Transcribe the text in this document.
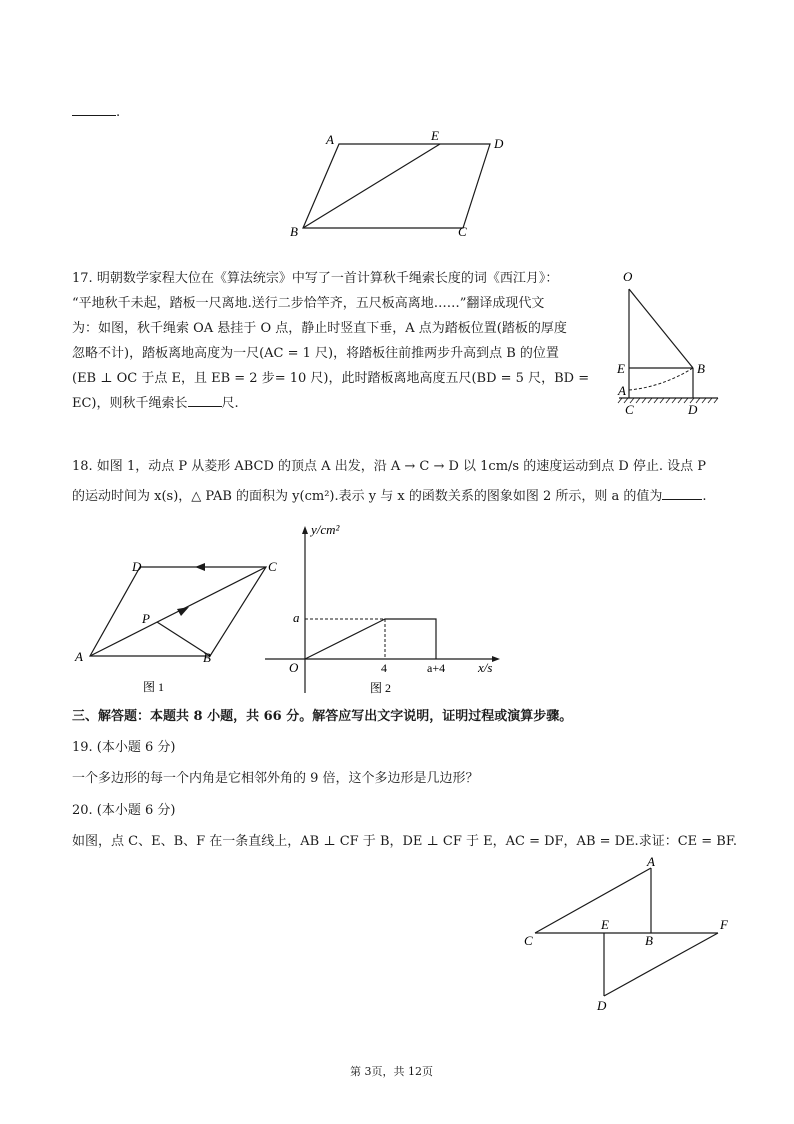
.
A	E
D
B	C
17. 明朝数学家程大位在《算法统宗》中写了一首计算秋千绳索长度的词《西江月》：
“平地秋千未起，踏板一尺离地.送行二步恰竿齐，五尺板高离地……”翻译成现代文
为：如图，秋千绳索 OA 悬挂于 O 点，静止时竖直下垂，A 点为踏板位置(踏板的厚度
忽略不计)，踏板离地高度为一尺(AC = 1 尺)，将踏板往前推两步升高到点 B 的位置
(EB ⊥ OC 于点 E，且 EB = 2 步= 10 尺)，此时踏板离地高度五尺(BD = 5 尺，BD =
EC)，则秋千绳索长	尺.
O
E	B
A
C	D
18. 如图 1，动点 P 从菱形 ABCD 的顶点 A 出发，沿 A → C → D 以 1cm/s 的速度运动到点 D 停止. 设点 P
的运动时间为 x(s)，△ PAB 的面积为 y(cm²).表示 y 与 x 的函数关系的图象如图 2 所示，则 a 的值为	.
D	C
P
A	B
图 1
y/cm²
x/s
O
a
4	a+4
图 2
三、解答题：本题共 8 小题，共 66 分。解答应写出文字说明，证明过程或演算步骤。
19. (本小题 6 分)
一个多边形的每一个内角是它相邻外角的 9 倍，这个多边形是几边形？
20. (本小题 6 分)
如图，点 C、E、B、F 在一条直线上，AB ⊥ CF 于 B，DE ⊥ CF 于 E，AC = DF，AB = DE.求证：CE = BF.
A
C
E
B
F
D
第 3页，共 12页
